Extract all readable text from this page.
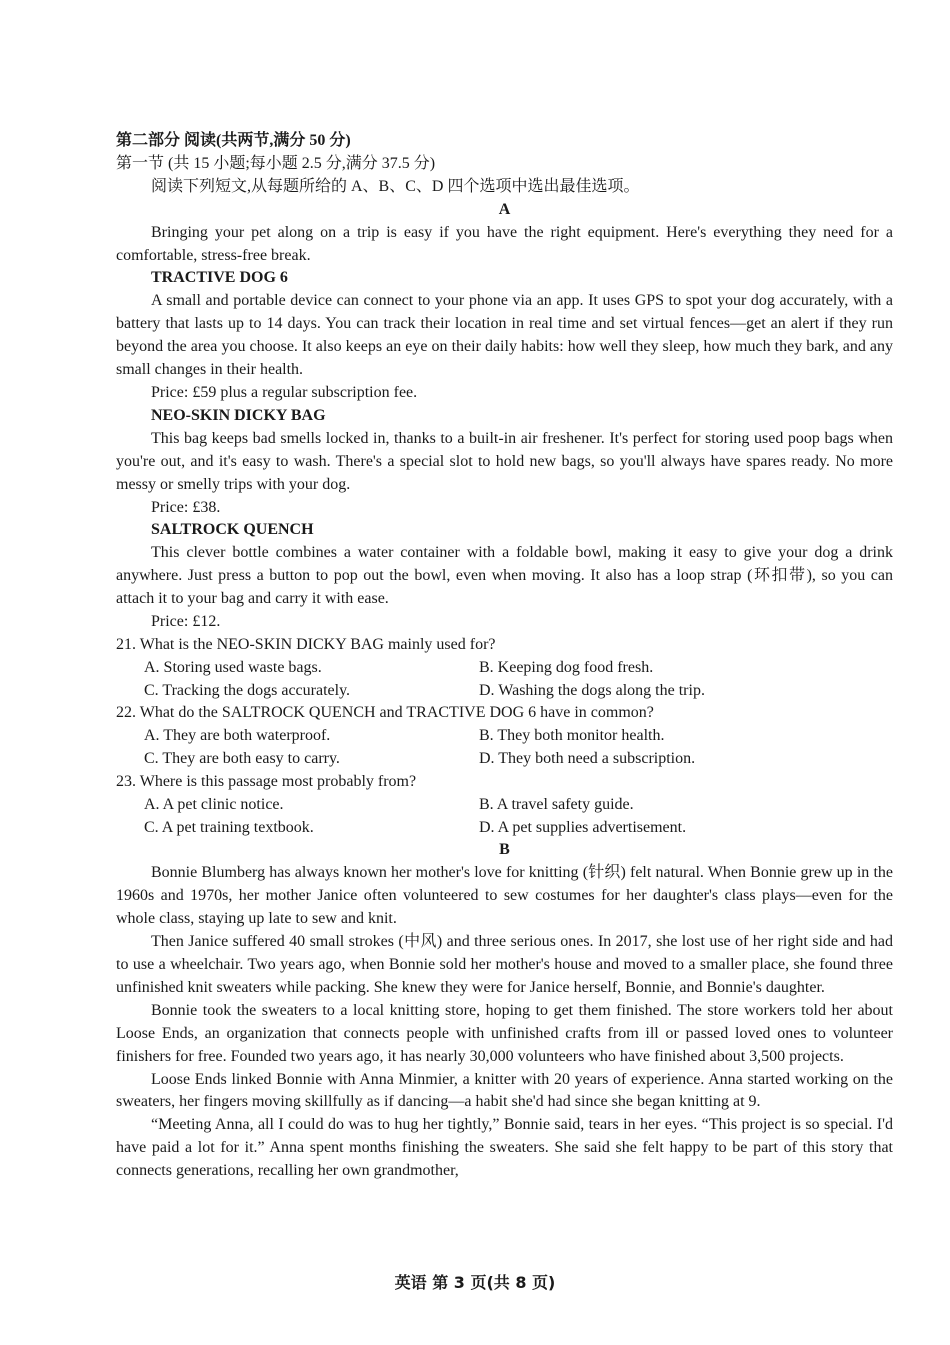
第二部分 阅读(共两节,满分 50 分)
第一节 (共 15 小题;每小题 2.5 分,满分 37.5 分)
阅读下列短文,从每题所给的 A、B、C、D 四个选项中选出最佳选项。
A
Bringing your pet along on a trip is easy if you have the right equipment. Here's everything they need for a comfortable, stress-free break.
TRACTIVE DOG 6
A small and portable device can connect to your phone via an app. It uses GPS to spot your dog accurately, with a battery that lasts up to 14 days. You can track their location in real time and set virtual fences—get an alert if they run beyond the area you choose. It also keeps an eye on their daily habits: how well they sleep, how much they bark, and any small changes in their health.
Price: £59 plus a regular subscription fee.
NEO-SKIN DICKY BAG
This bag keeps bad smells locked in, thanks to a built-in air freshener. It's perfect for storing used poop bags when you're out, and it's easy to wash. There's a special slot to hold new bags, so you'll always have spares ready. No more messy or smelly trips with your dog.
Price: £38.
SALTROCK QUENCH
This clever bottle combines a water container with a foldable bowl, making it easy to give your dog a drink anywhere. Just press a button to pop out the bowl, even when moving. It also has a loop strap (环扣带), so you can attach it to your bag and carry it with ease.
Price: £12.
21. What is the NEO-SKIN DICKY BAG mainly used for?
A. Storing used waste bags.	B. Keeping dog food fresh.
C. Tracking the dogs accurately.	D. Washing the dogs along the trip.
22. What do the SALTROCK QUENCH and TRACTIVE DOG 6 have in common?
A. They are both waterproof.	B. They both monitor health.
C. They are both easy to carry.	D. They both need a subscription.
23. Where is this passage most probably from?
A. A pet clinic notice.	B. A travel safety guide.
C. A pet training textbook.	D. A pet supplies advertisement.
B
Bonnie Blumberg has always known her mother's love for knitting (针织) felt natural. When Bonnie grew up in the 1960s and 1970s, her mother Janice often volunteered to sew costumes for her daughter's class plays—even for the whole class, staying up late to sew and knit.
Then Janice suffered 40 small strokes (中风) and three serious ones. In 2017, she lost use of her right side and had to use a wheelchair. Two years ago, when Bonnie sold her mother's house and moved to a smaller place, she found three unfinished knit sweaters while packing. She knew they were for Janice herself, Bonnie, and Bonnie's daughter.
Bonnie took the sweaters to a local knitting store, hoping to get them finished. The store workers told her about Loose Ends, an organization that connects people with unfinished crafts from ill or passed loved ones to volunteer finishers for free. Founded two years ago, it has nearly 30,000 volunteers who have finished about 3,500 projects.
Loose Ends linked Bonnie with Anna Minmier, a knitter with 20 years of experience. Anna started working on the sweaters, her fingers moving skillfully as if dancing—a habit she'd had since she began knitting at 9.
“Meeting Anna, all I could do was to hug her tightly,” Bonnie said, tears in her eyes. “This project is so special. I'd have paid a lot for it.” Anna spent months finishing the sweaters. She said she felt happy to be part of this story that connects generations, recalling her own grandmother,
英语 第 3 页(共 8 页)
